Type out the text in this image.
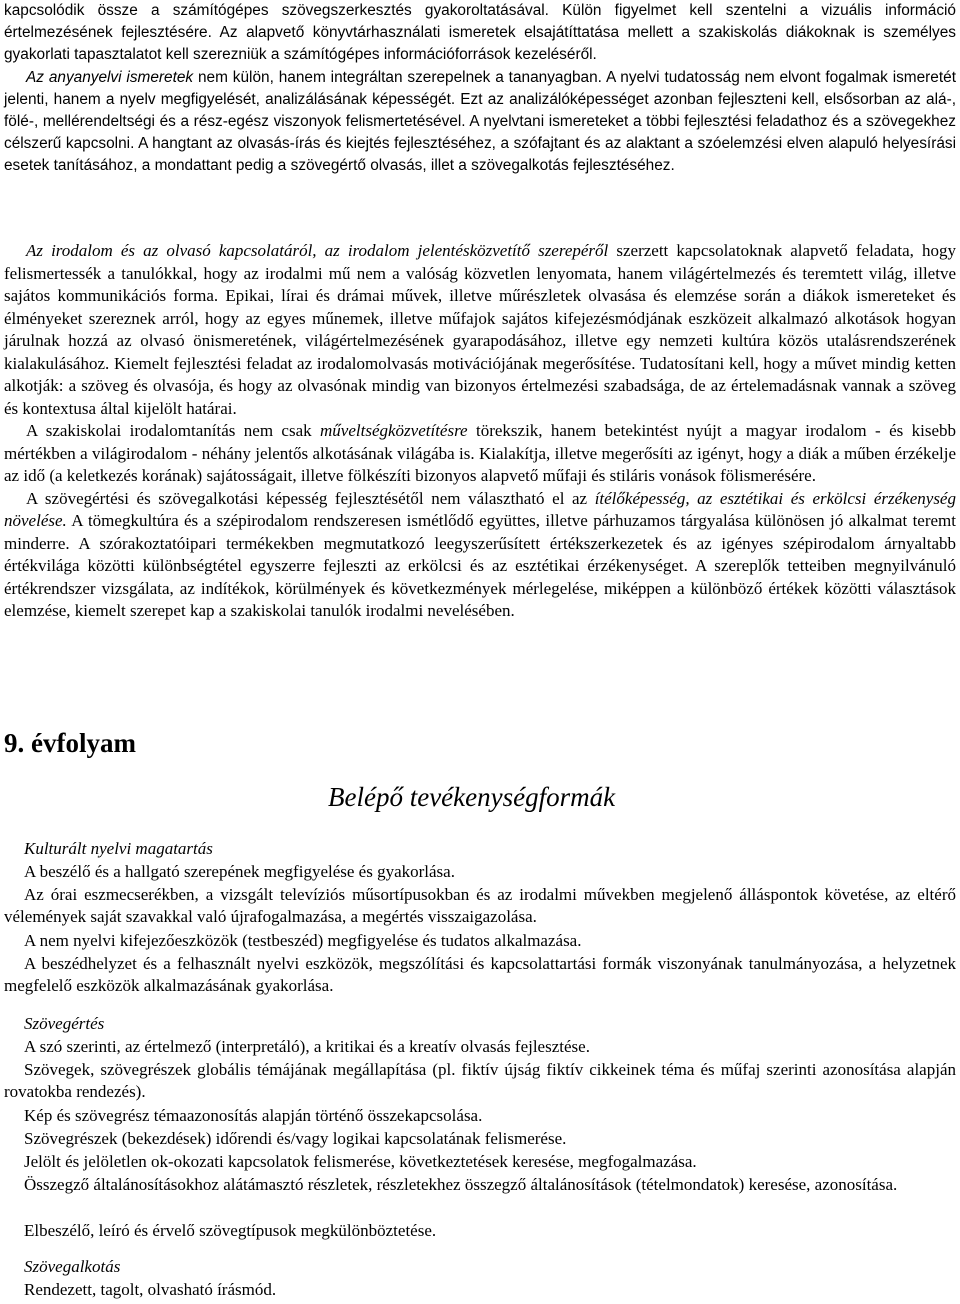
kapcsolódik össze a számítógépes szövegszerkesztés gyakoroltatásával. Külön figyelmet kell szentelni a vizuális információ értelmezésének fejlesztésére. Az alapvető könyvtárhasználati ismeretek elsajátíttatása mellett a szakiskolás diákoknak is személyes gyakorlati tapasztalatot kell szerezniük a számítógépes információforrások kezeléséről.

Az anyanyelvi ismeretek nem külön, hanem integráltan szerepelnek a tananyagban. A nyelvi tudatosság nem elvont fogalmak ismeretét jelenti, hanem a nyelv megfigyelését, analizálásának képességét. Ezt az analizálóképességet azonban fejleszteni kell, elsősorban az alá-, fölé-, mellérendeltségi és a rész-egész viszonyok felismertetésével. A nyelvtani ismereteket a többi fejlesztési feladathoz és a szövegekhez célszerű kapcsolni. A hangtant az olvasás-írás és kiejtés fejlesztéséhez, a szófajtant és az alaktant a szóelemzési elven alapuló helyesírási esetek tanításához, a mondattant pedig a szövegértő olvasás, illet a szövegalkotás fejlesztéséhez.

Az irodalom és az olvasó kapcsolatáról, az irodalom jelentésközvetítő szerepéről szerzett kapcsolatoknak alapvető feladata, hogy felismertessék a tanulókkal, hogy az irodalmi mű nem a valóság közvetlen lenyomata, hanem világértelmezés és teremtett világ, illetve sajátos kommunikációs forma. Epikai, lírai és drámai művek, illetve műrészletek olvasása és elemzése során a diákok ismereteket és élményeket szereznek arról, hogy az egyes műnemek, illetve műfajok sajátos kifejezésmódjának eszközeit alkalmazó alkotások hogyan járulnak hozzá az olvasó önismeretének, világértelmezésének gyarapodásához, illetve egy nemzeti kultúra közös utalásrendszerének kialakulásához. Kiemelt fejlesztési feladat az irodalomolvasás motivációjának megerősítése. Tudatosítani kell, hogy a művet mindig ketten alkotják: a szöveg és olvasója, és hogy az olvasónak mindig van bizonyos értelmezési szabadsága, de az értelemadásnak vannak a szöveg és kontextusa által kijelölt határai.

A szakiskolai irodalomtanítás nem csak műveltségközvetítésre törekszik, hanem betekintést nyújt a magyar irodalom - és kisebb mértékben a világirodalom - néhány jelentős alkotásának világába is. Kialakítja, illetve megerősíti az igényt, hogy a diák a műben érzékelje az idő (a keletkezés korának) sajátosságait, illetve fölkészíti bizonyos alapvető műfaji és stiláris vonások fölismerésére.

A szövegértési és szövegalkotási képesség fejlesztésétől nem választható el az ítélőképesség, az esztétikai és erkölcsi érzékenység növelése. A tömegkultúra és a szépirodalom rendszeresen ismétlődő együttes, illetve párhuzamos tárgyalása különösen jó alkalmat teremt minderre. A szórakoztatóipari termékekben megmutatkozó leegyszerűsített értékszerkezetek és az igényes szépirodalom árnyaltabb értékvilága közötti különbségtétel egyszerre fejleszti az erkölcsi és az esztétikai érzékenységet. A szereplők tetteiben megnyilvánuló értékrendszer vizsgálata, az indítékok, körülmények és következmények mérlegelése, miképpen a különböző értékek közötti választások elemzése, kiemelt szerepet kap a szakiskolai tanulók irodalmi nevelésében.

9. évfolyam
Belépő tevékenységformák
Kulturált nyelvi magatartás
A beszélő és a hallgató szerepének megfigyelése és gyakorlása.
Az órai eszmecserékben, a vizsgált televíziós műsortípusokban és az irodalmi művekben megjelenő álláspontok követése, az eltérő vélemények saját szavakkal való újrafogalmazása, a megértés visszaigazolása.
A nem nyelvi kifejezőeszközök (testbeszéd) megfigyelése és tudatos alkalmazása.
A beszédhelyzet és a felhasznált nyelvi eszközök, megszólítási és kapcsolattartási formák viszonyának tanulmányozása, a helyzetnek megfelelő eszközök alkalmazásának gyakorlása.
Szövegértés
A szó szerinti, az értelmező (interpretáló), a kritikai és a kreatív olvasás fejlesztése.
Szövegek, szövegrészek globális témájának megállapítása (pl. fiktív újság fiktív cikkeinek téma és műfaj szerinti azonosítása alapján rovatokba rendezés).
Kép és szövegrész témaazonosítás alapján történő összekapcsolása.
Szövegrészek (bekezdések) időrendi és/vagy logikai kapcsolatának felismerése.
Jelölt és jelöletlen ok-okozati kapcsolatok felismerése, következtetések keresése, megfogalmazása.
Összegző általánosításokhoz alátámasztó részletek, részletekhez összegző általánosítások (tételmondatok) keresése, azonosítása.
Elbeszélő, leíró és érvelő szövegtípusok megkülönböztetése.
Szövegalkotás
Rendezett, tagolt, olvasható írásmód.
